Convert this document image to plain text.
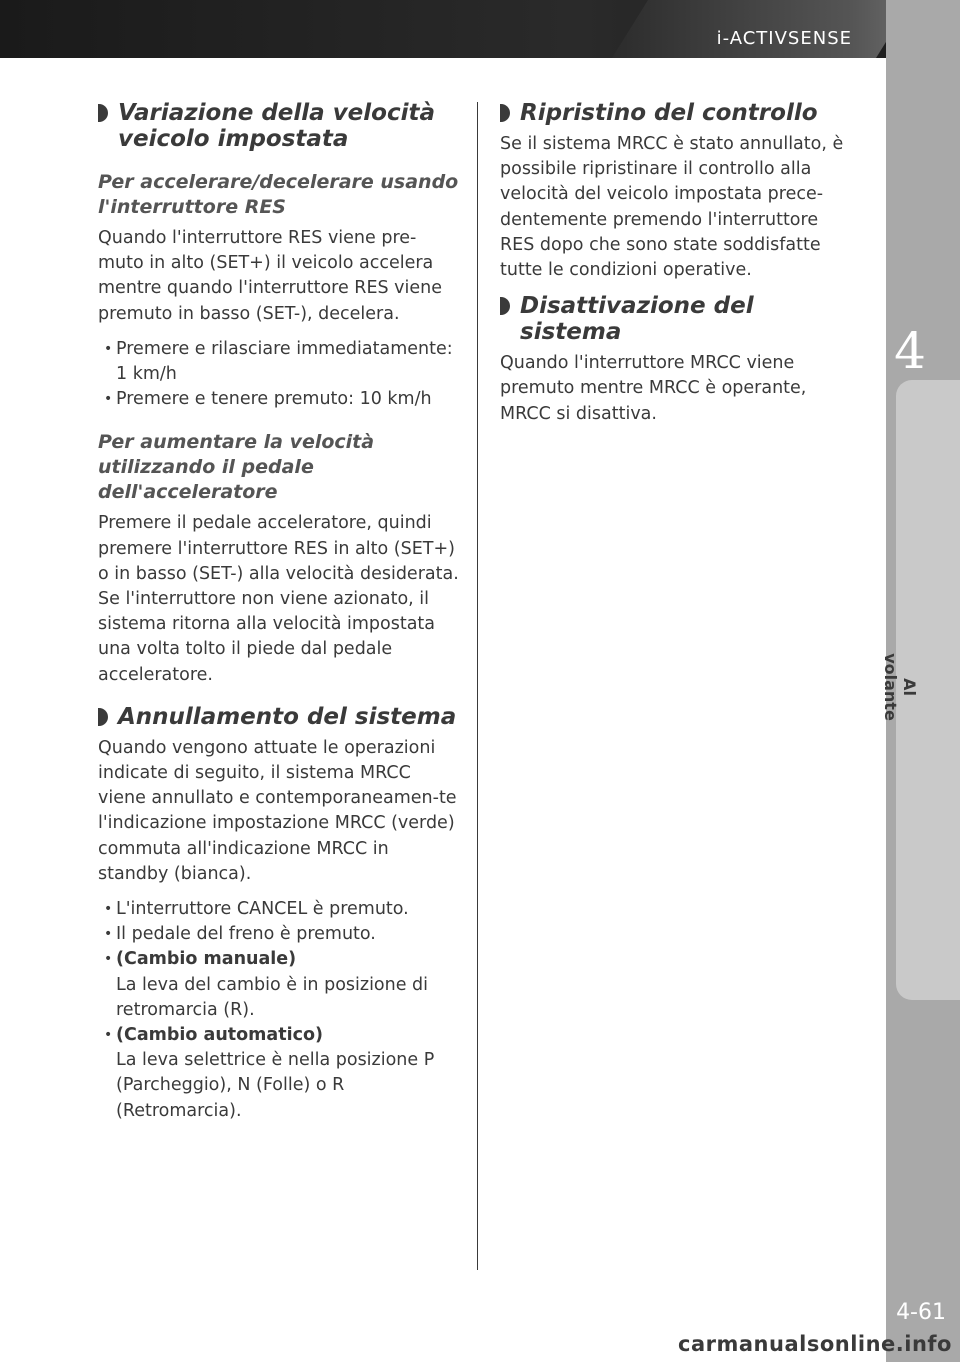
i-ACTIVSENSE
4
Al volante
4-61
carmanualsonline.info
Variazione della velocità veicolo impostata
Per accelerare/decelerare usando l'interruttore RES

Quando l'interruttore RES viene pre-muto in alto (SET+) il veicolo accelera mentre quando l'interruttore RES viene premuto in basso (SET-), decelera.

• Premere e rilasciare immediatamente: 1 km/h
• Premere e tenere premuto: 10 km/h
Per aumentare la velocità utilizzando il pedale dell'acceleratore

Premere il pedale acceleratore, quindi premere l'interruttore RES in alto (SET+) o in basso (SET-) alla velocità desiderata. Se l'interruttore non viene azionato, il sistema ritorna alla velocità impostata una volta tolto il piede dal pedale acceleratore.

Annullamento del sistema

Quando vengono attuate le operazioni indicate di seguito, il sistema MRCC viene annullato e contemporaneamen-te l'indicazione impostazione MRCC (verde) commuta all'indicazione MRCC in standby (bianca).

• L'interruttore CANCEL è premuto.
• Il pedale del freno è premuto.
• (Cambio manuale)
La leva del cambio è in posizione di retromarcia (R).
• (Cambio automatico)
La leva selettrice è nella posizione P (Parcheggio), N (Folle) o R (Retromarcia).
Ripristino del controllo

Se il sistema MRCC è stato annullato, è possibile ripristinare il controllo alla velocità del veicolo impostata prece-dentemente premendo l'interruttore RES dopo che sono state soddisfatte tutte le condizioni operative.

Disattivazione del sistema

Quando l'interruttore MRCC viene premuto mentre MRCC è operante, MRCC si disattiva.
